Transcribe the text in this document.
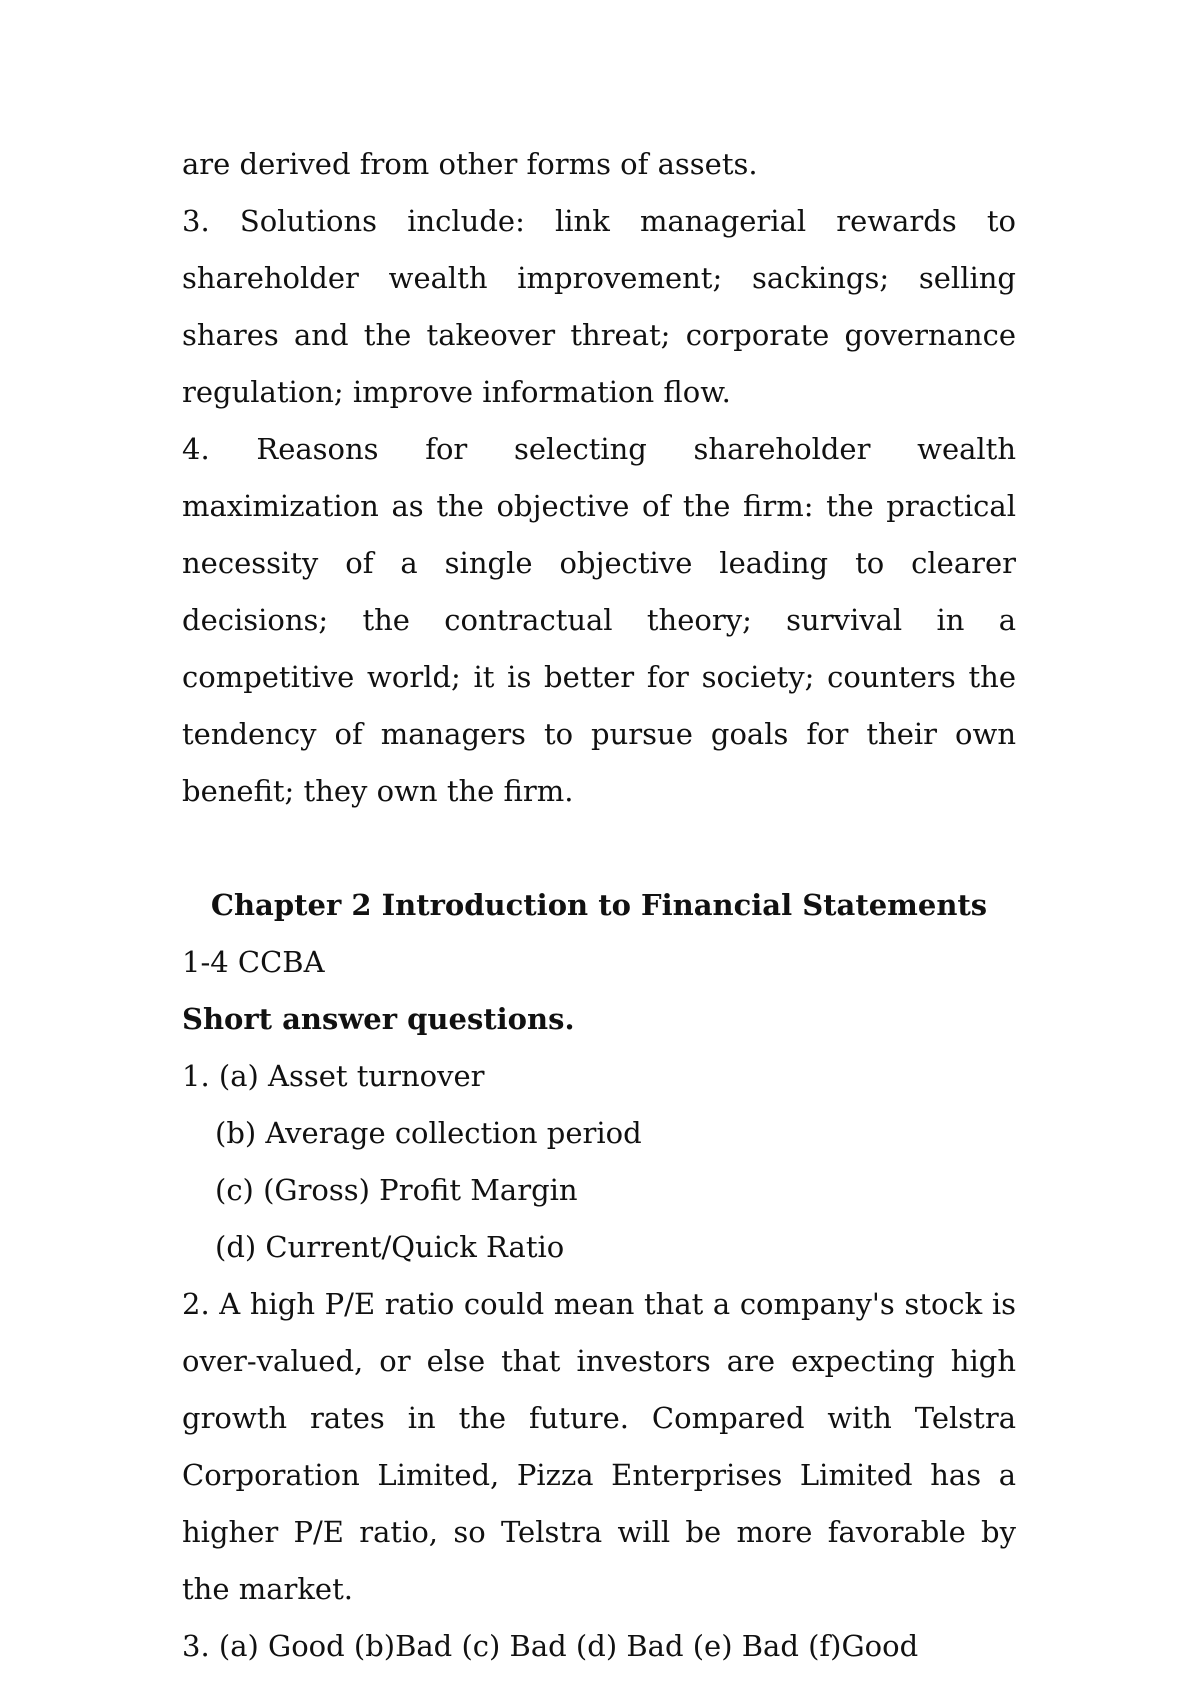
are derived from other forms of assets.

3. Solutions include: link managerial rewards to shareholder wealth improvement; sackings; selling shares and the takeover threat; corporate governance regulation; improve information flow.

4. Reasons for selecting shareholder wealth maximization as the objective of the firm: the practical necessity of a single objective leading to clearer decisions; the contractual theory; survival in a competitive world; it is better for society; counters the tendency of managers to pursue goals for their own benefit; they own the firm.

Chapter 2 Introduction to Financial Statements

1-4 CCBA

Short answer questions.

1. (a) Asset turnover

(b) Average collection period

(c) (Gross) Profit Margin

(d) Current/Quick Ratio

2. A high P/E ratio could mean that a company's stock is over-valued, or else that investors are expecting high growth rates in the future. Compared with Telstra Corporation Limited, Pizza Enterprises Limited has a higher P/E ratio, so Telstra will be more favorable by the market.

3. (a) Good (b)Bad (c) Bad (d) Bad (e) Bad (f)Good
